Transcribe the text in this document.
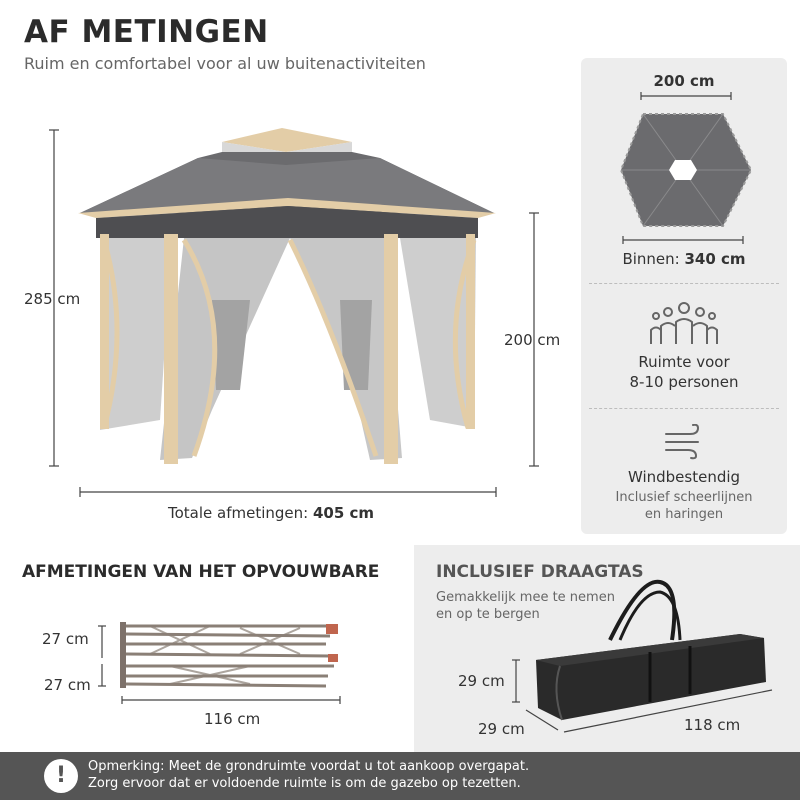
AF METINGEN
Ruim en comfortabel voor al uw buitenactiviteiten
285 cm
200 cm
Totale afmetingen: 405 cm
200 cm
Binnen: 340 cm
Ruimte voor
8-10 personen
Windbestendig
Inclusief scheerlijnen
en haringen
AFMETINGEN VAN HET OPVOUWBARE
27 cm
27 cm
116 cm
INCLUSIEF DRAAGTAS
Gemakkelijk mee te nemen
en op te bergen
29 cm
29 cm	118 cm
!	Opmerking: Meet de grondruimte voordat u tot aankoop overgapat.
Zorg ervoor dat er voldoende ruimte is om de gazebo op tezetten.
